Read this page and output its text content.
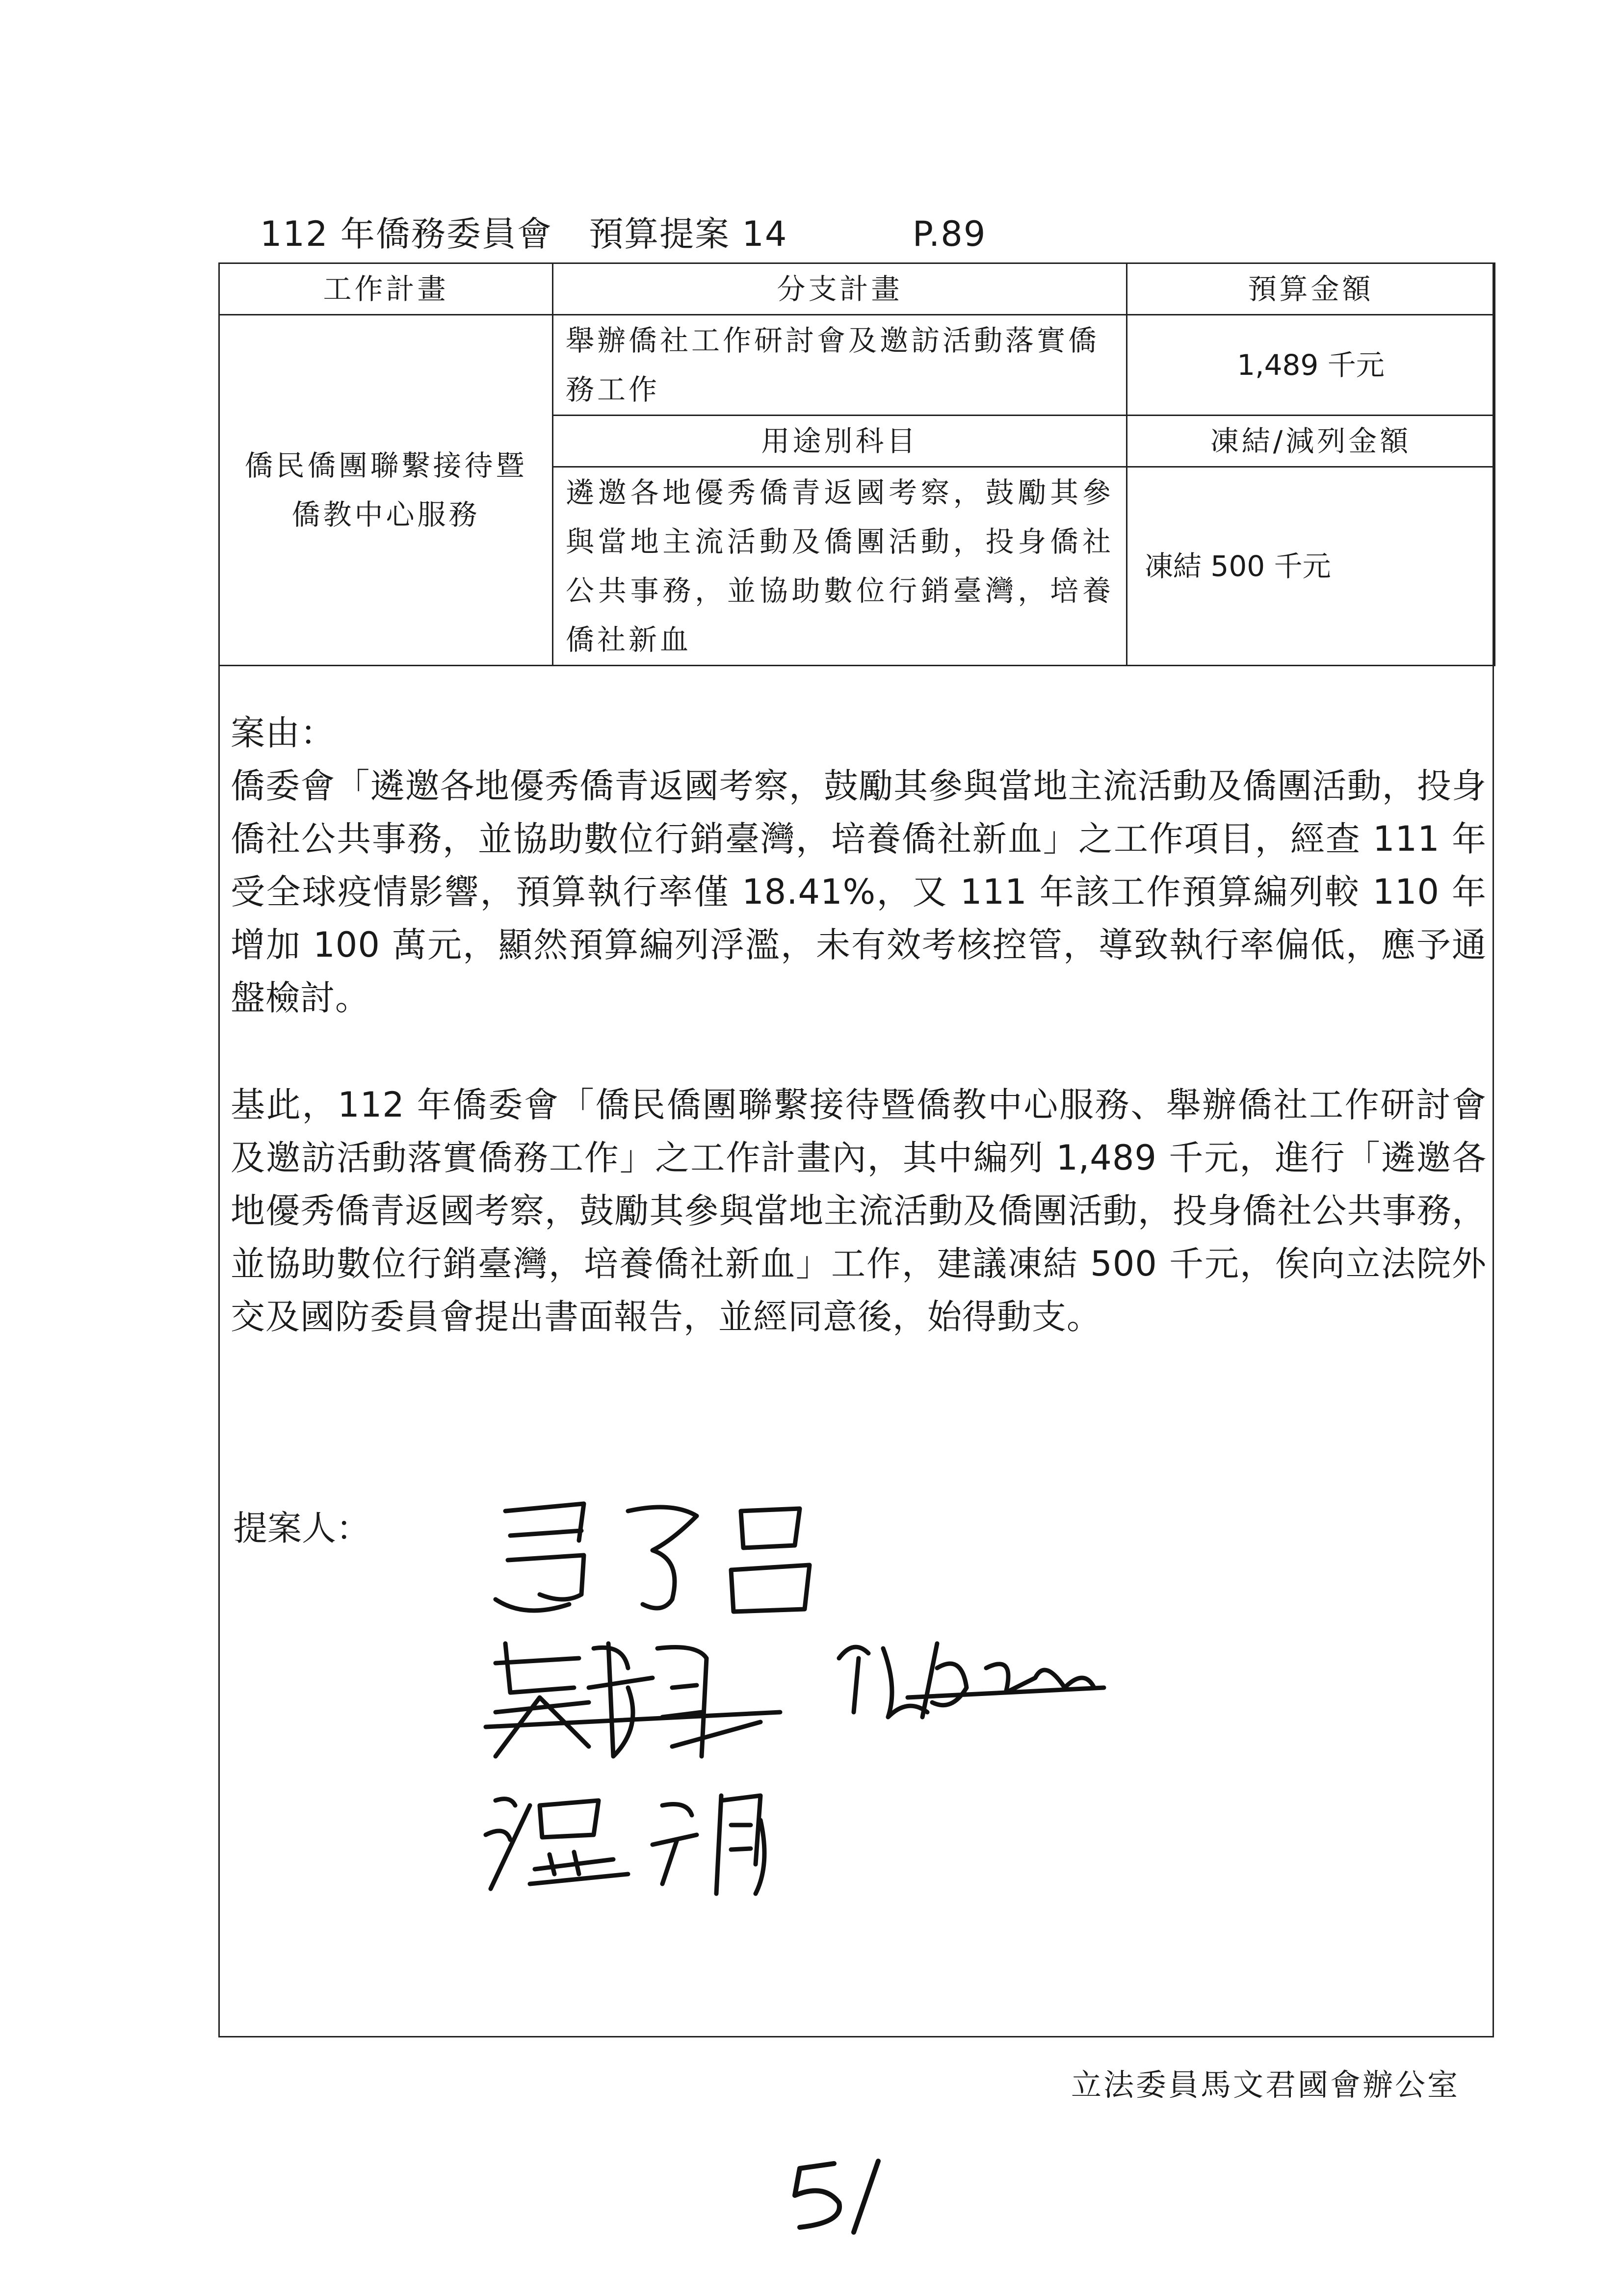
112 年僑務委員會 預算提案 14	P.89
工作計畫	分支計畫	預算金額
僑民僑團聯繫接待暨僑教中心服務	舉辦僑社工作研討會及邀訪活動落實僑務工作	1,489 千元
	用途別科目	凍結/減列金額
	遴邀各地優秀僑青返國考察，鼓勵其參與當地主流活動及僑團活動，投身僑社公共事務，並協助數位行銷臺灣，培養僑社新血	凍結 500 千元

案由：

僑委會「遴邀各地優秀僑青返國考察，鼓勵其參與當地主流活動及僑團活動，投身僑社公共事務，並協助數位行銷臺灣，培養僑社新血」之工作項目，經查 111 年受全球疫情影響，預算執行率僅 18.41%，又 111 年該工作預算編列較 110 年增加 100 萬元，顯然預算編列浮濫，未有效考核控管，導致執行率偏低，應予通盤檢討。

基此，112 年僑委會「僑民僑團聯繫接待暨僑教中心服務、舉辦僑社工作研討會及邀訪活動落實僑務工作」之工作計畫內，其中編列 1,489 千元，進行「遴邀各地優秀僑青返國考察，鼓勵其參與當地主流活動及僑團活動，投身僑社公共事務，並協助數位行銷臺灣，培養僑社新血」工作，建議凍結 500 千元，俟向立法院外交及國防委員會提出書面報告，並經同意後，始得動支。

提案人：
立法委員馬文君國會辦公室
